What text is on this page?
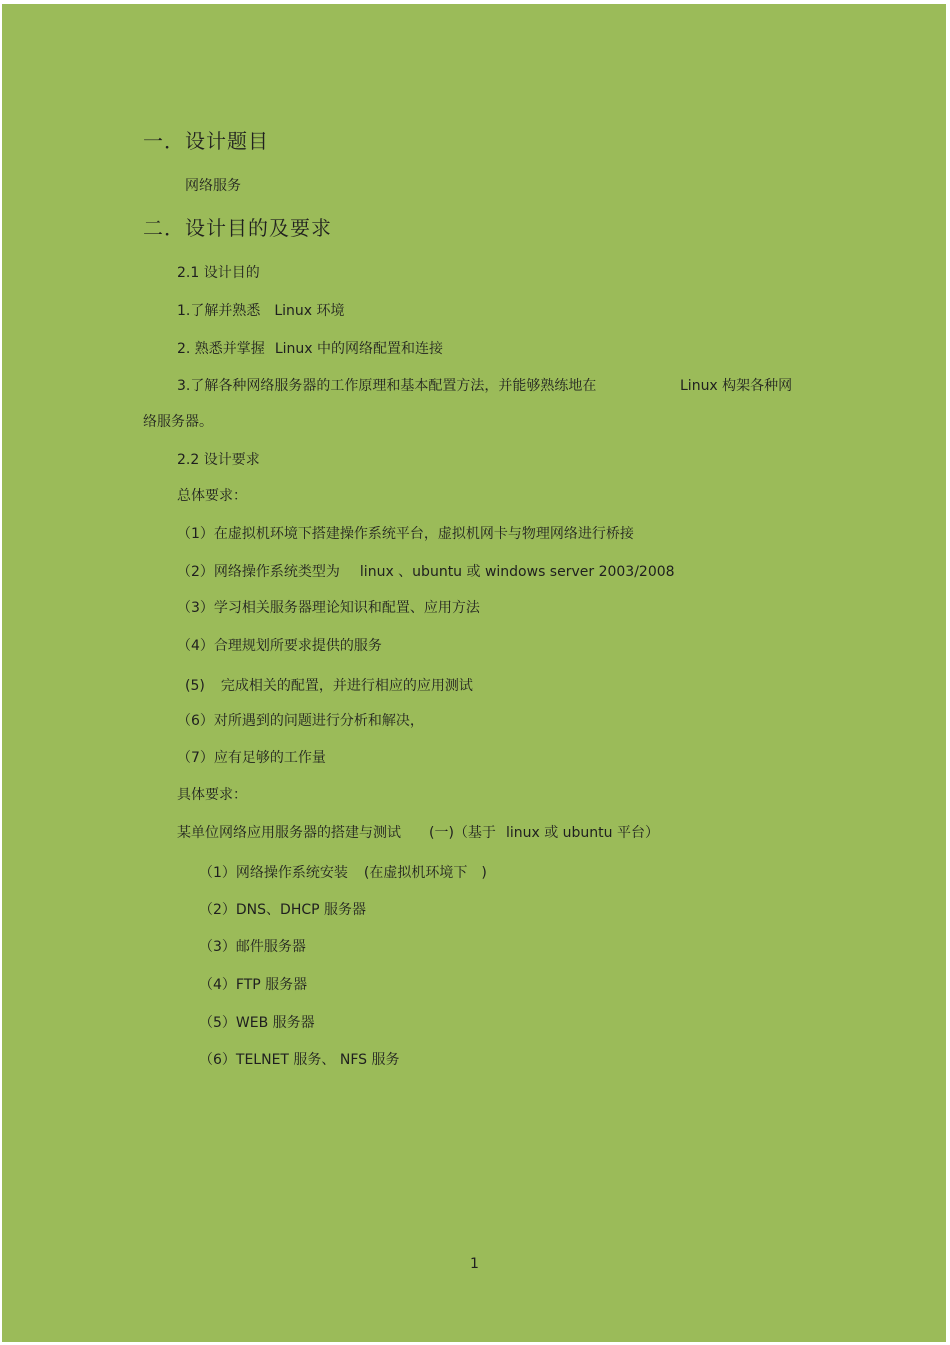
一．设计题目
网络服务
二．设计目的及要求
2.1 设计目的
1.了解并熟悉 Linux 环境
2. 熟悉并掌握 Linux 中的网络配置和连接
3.了解各种网络服务器的工作原理和基本配置方法，并能够熟练地在	Linux 构架各种网
络服务器。
2.2 设计要求
总体要求：
（1）在虚拟机环境下搭建操作系统平台，虚拟机网卡与物理网络进行桥接
（2）网络操作系统类型为 linux 、ubuntu 或 windows server 2003/2008
（3）学习相关服务器理论知识和配置、应用方法
（4）合理规划所要求提供的服务
(5) 完成相关的配置，并进行相应的应用测试
（6）对所遇到的问题进行分析和解决，
（7）应有足够的工作量
具体要求：
某单位网络应用服务器的搭建与测试 (一)（基于 linux 或 ubuntu 平台）
（1）网络操作系统安装 (在虚拟机环境下 )
（2）DNS、DHCP 服务器
（3）邮件服务器
（4）FTP 服务器
（5）WEB 服务器
（6）TELNET 服务、 NFS 服务
1
